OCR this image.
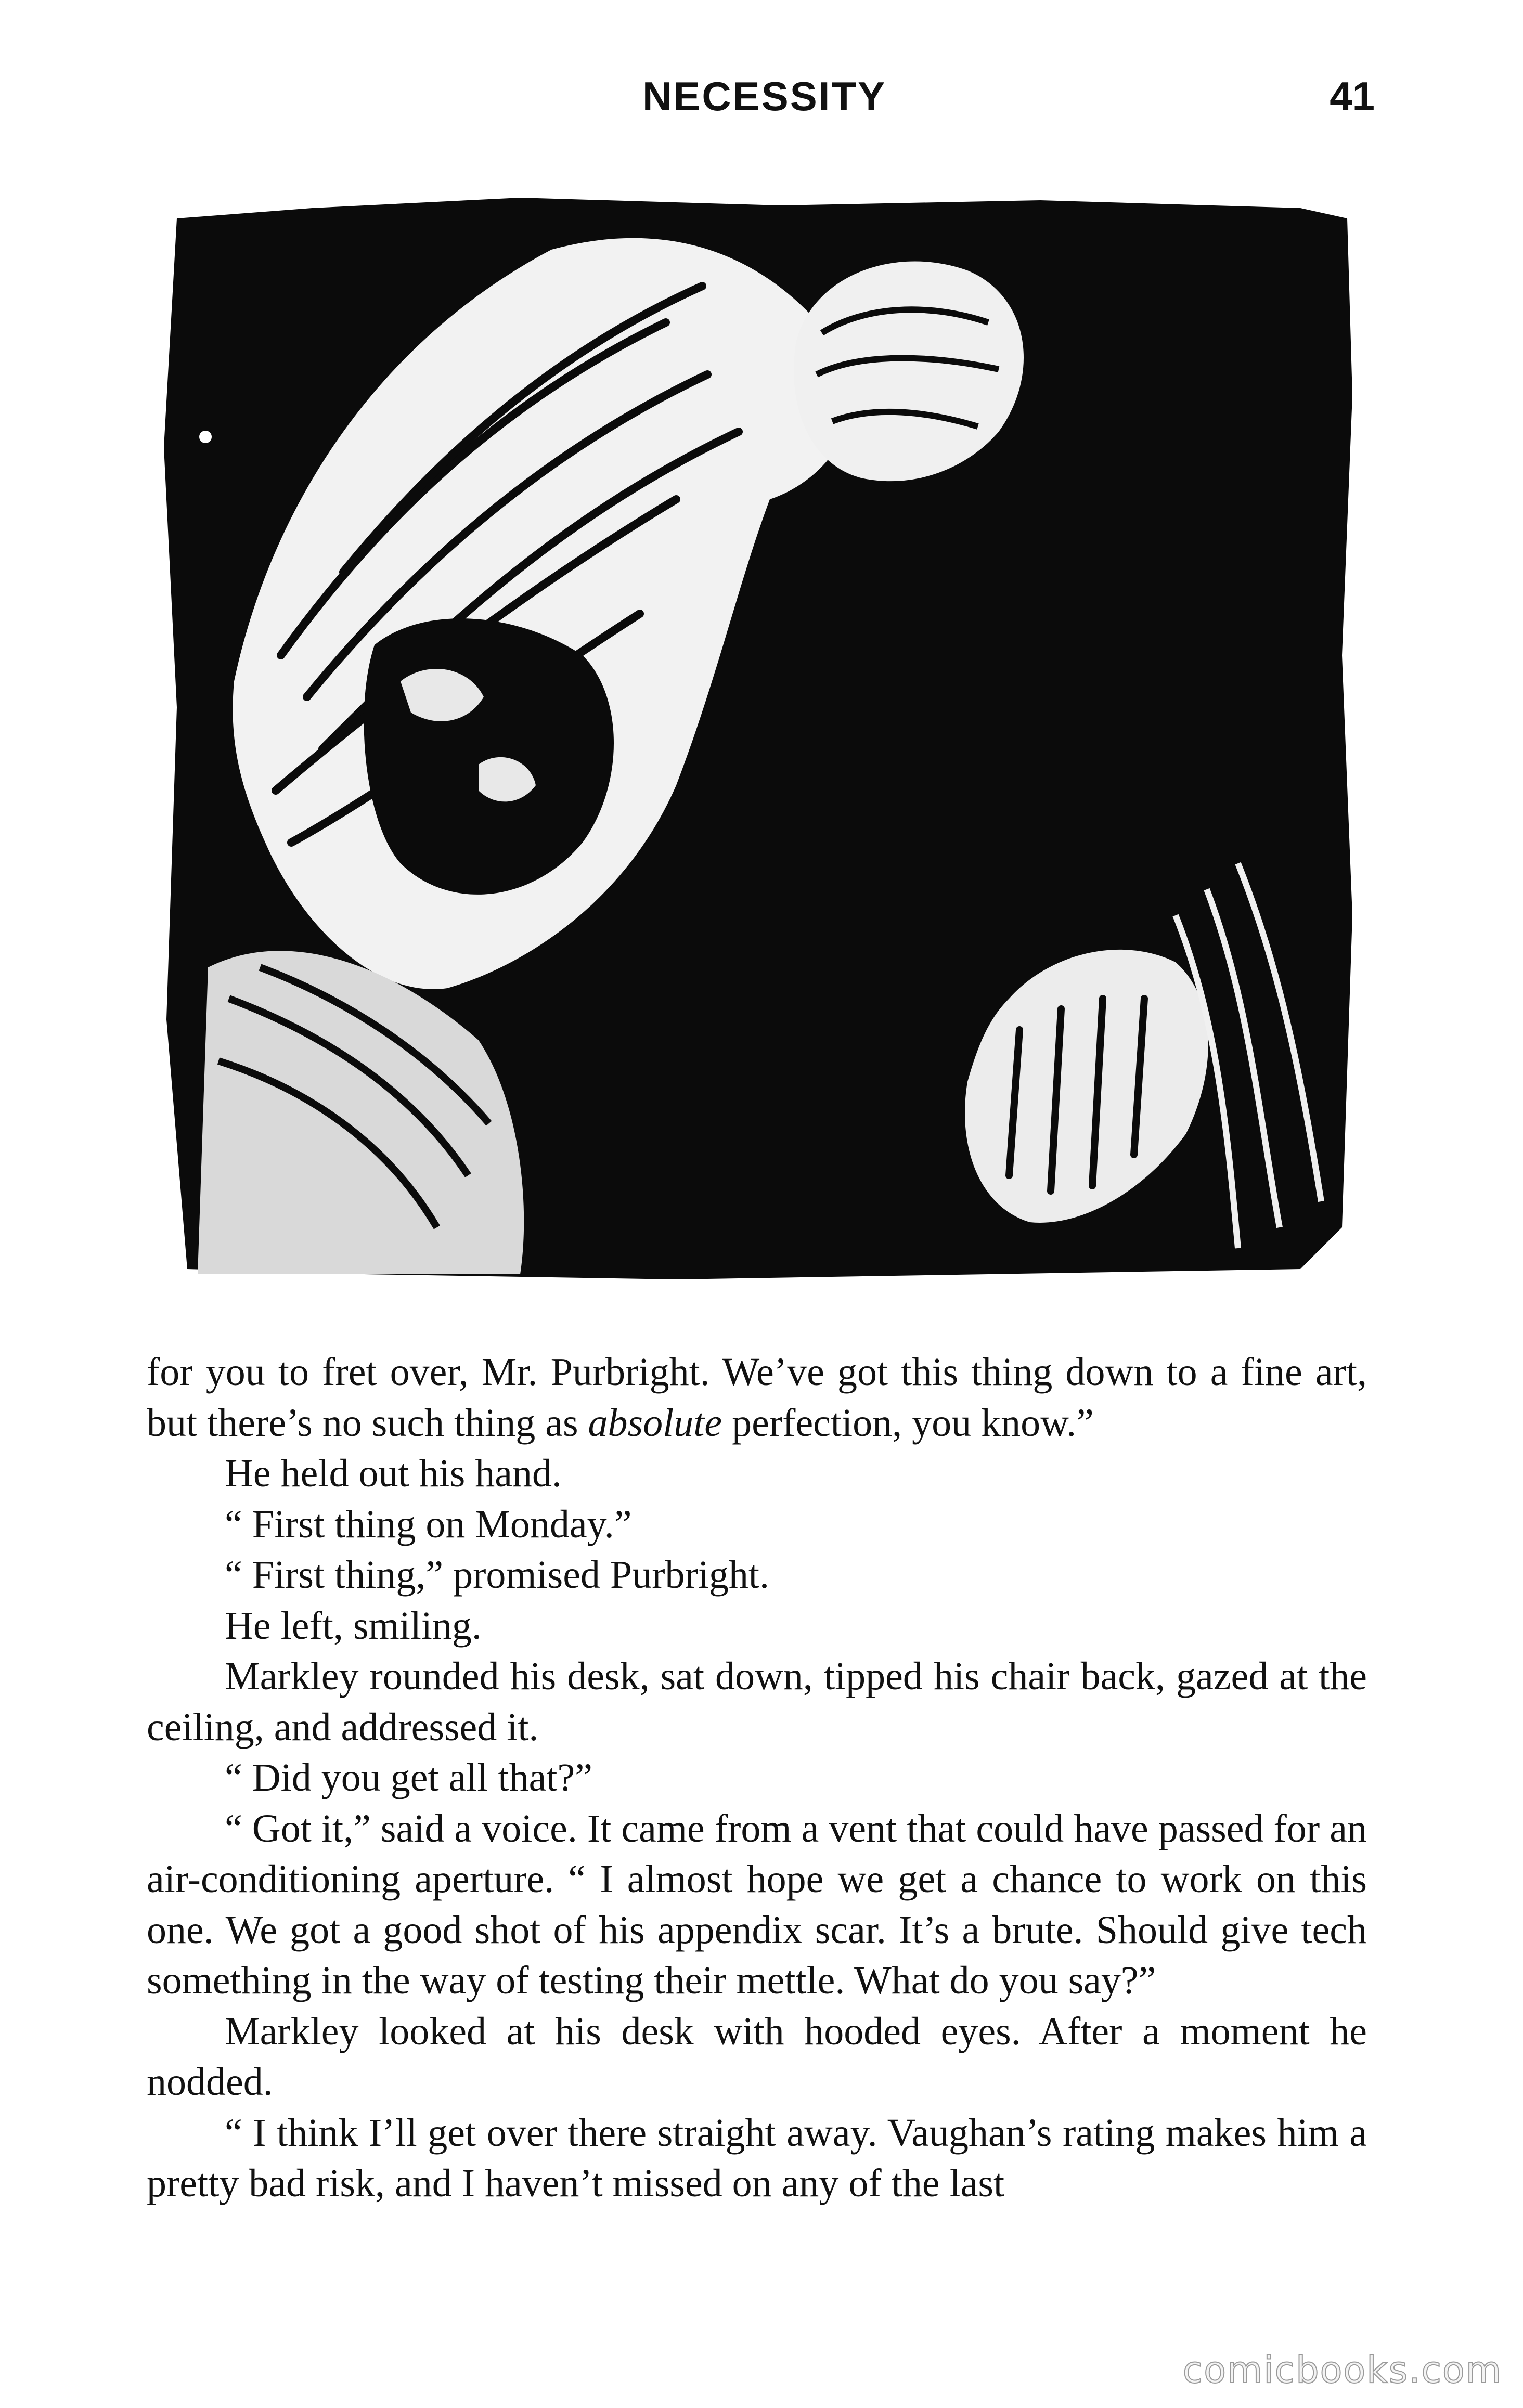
NECESSITY	41

for you to fret over, Mr. Purbright. We’ve got this thing down to a fine art, but there’s no such thing as absolute perfection, you know.”

He held out his hand.

“ First thing on Monday.”

“ First thing,” promised Purbright.

He left, smiling.

Markley rounded his desk, sat down, tipped his chair back, gazed at the ceiling, and addressed it.

“ Did you get all that?”

“ Got it,” said a voice. It came from a vent that could have passed for an air-conditioning aperture. “ I almost hope we get a chance to work on this one. We got a good shot of his appendix scar. It’s a brute. Should give tech something in the way of testing their mettle. What do you say?”

Markley looked at his desk with hooded eyes. After a moment he nodded.

“ I think I’ll get over there straight away. Vaughan’s rating makes him a pretty bad risk, and I haven’t missed on any of the last

comicbooks.com
